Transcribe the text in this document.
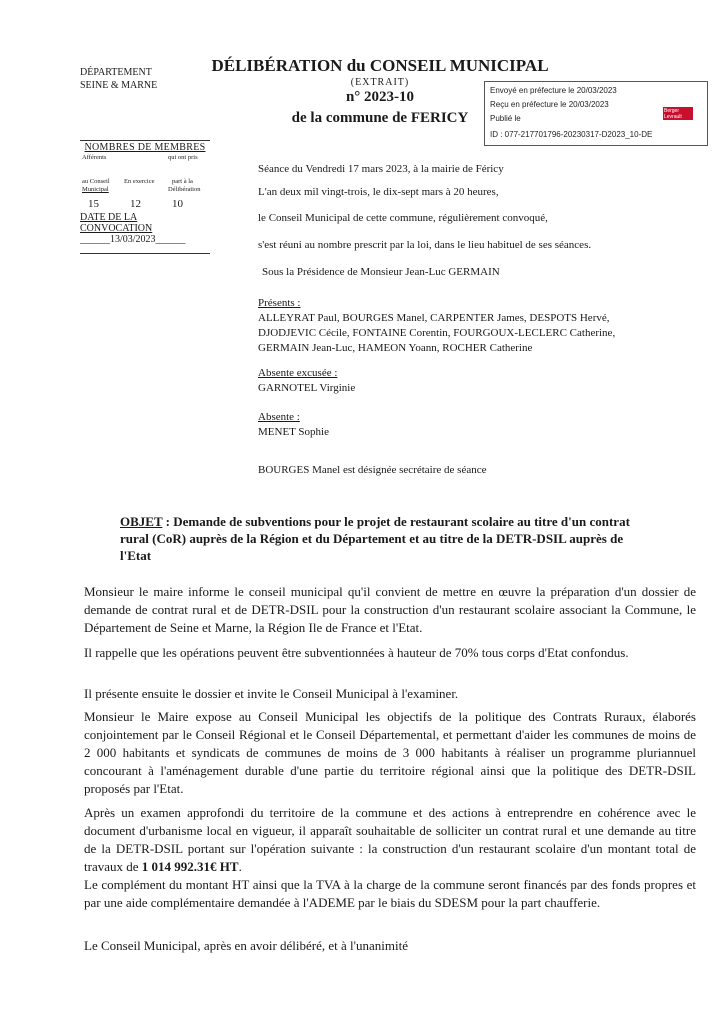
DÉPARTEMENT
SEINE & MARNE
DÉLIBÉRATION du CONSEIL MUNICIPAL
(EXTRAIT)
n° 2023-10
de la commune de FERICY
Envoyé en préfecture le 20/03/2023
Reçu en préfecture le 20/03/2023
Publié le
ID : 077-217701796-20230317-D2023_10-DE
Berger
Levrault
NOMBRES DE MEMBRES
Afférents
au Conseil
Municipal
En exercice
qui ont pris
part à la
Délibération
15	12	10
DATE DE LA CONVOCATION
______13/03/2023______
Séance du Vendredi 17 mars 2023, à la mairie de Féricy
L'an deux mil vingt-trois, le dix-sept mars à 20 heures,
le Conseil Municipal de cette commune, régulièrement convoqué,
s'est réuni au nombre prescrit par la loi, dans le lieu habituel de ses séances.
Sous la Présidence de Monsieur Jean-Luc GERMAIN
Présents :
ALLEYRAT Paul, BOURGES Manel, CARPENTER James, DESPOTS Hervé,
DJODJEVIC Cécile, FONTAINE Corentin, FOURGOUX-LECLERC Catherine,
GERMAIN Jean-Luc, HAMEON Yoann, ROCHER Catherine
Absente excusée :
GARNOTEL Virginie
Absente :
MENET Sophie
BOURGES Manel est désignée secrétaire de séance
OBJET : Demande de subventions pour le projet de restaurant scolaire au titre d'un contrat rural (CoR) auprès de la Région et du Département et au titre de la DETR-DSIL auprès de l'Etat
Monsieur le maire informe le conseil municipal qu'il convient de mettre en œuvre la préparation d'un dossier de demande de contrat rural et de DETR-DSIL pour la construction d'un restaurant scolaire associant la Commune, le Département de Seine et Marne, la Région Ile de France et l'Etat.
Il rappelle que les opérations peuvent être subventionnées à hauteur de 70% tous corps d'Etat confondus.
Il présente ensuite le dossier et invite le Conseil Municipal à l'examiner.
Monsieur le Maire expose au Conseil Municipal les objectifs de la politique des Contrats Ruraux, élaborés conjointement par le Conseil Régional et le Conseil Départemental, et permettant d'aider les communes de moins de 2 000 habitants et syndicats de communes de moins de 3 000 habitants à réaliser un programme pluriannuel concourant à l'aménagement durable d'une partie du territoire régional ainsi que la politique des DETR-DSIL proposés par l'Etat.
Après un examen approfondi du territoire de la commune et des actions à entreprendre en cohérence avec le document d'urbanisme local en vigueur, il apparaît souhaitable de solliciter un contrat rural et une demande au titre de la DETR-DSIL portant sur l'opération suivante : la construction d'un restaurant scolaire d'un montant total de travaux de 1 014 992.31€ HT.
Le complément du montant HT ainsi que la TVA à la charge de la commune seront financés par des fonds propres et par une aide complémentaire demandée à l'ADEME par le biais du SDESM pour la part chaufferie.
Le Conseil Municipal, après en avoir délibéré, et à l'unanimité
